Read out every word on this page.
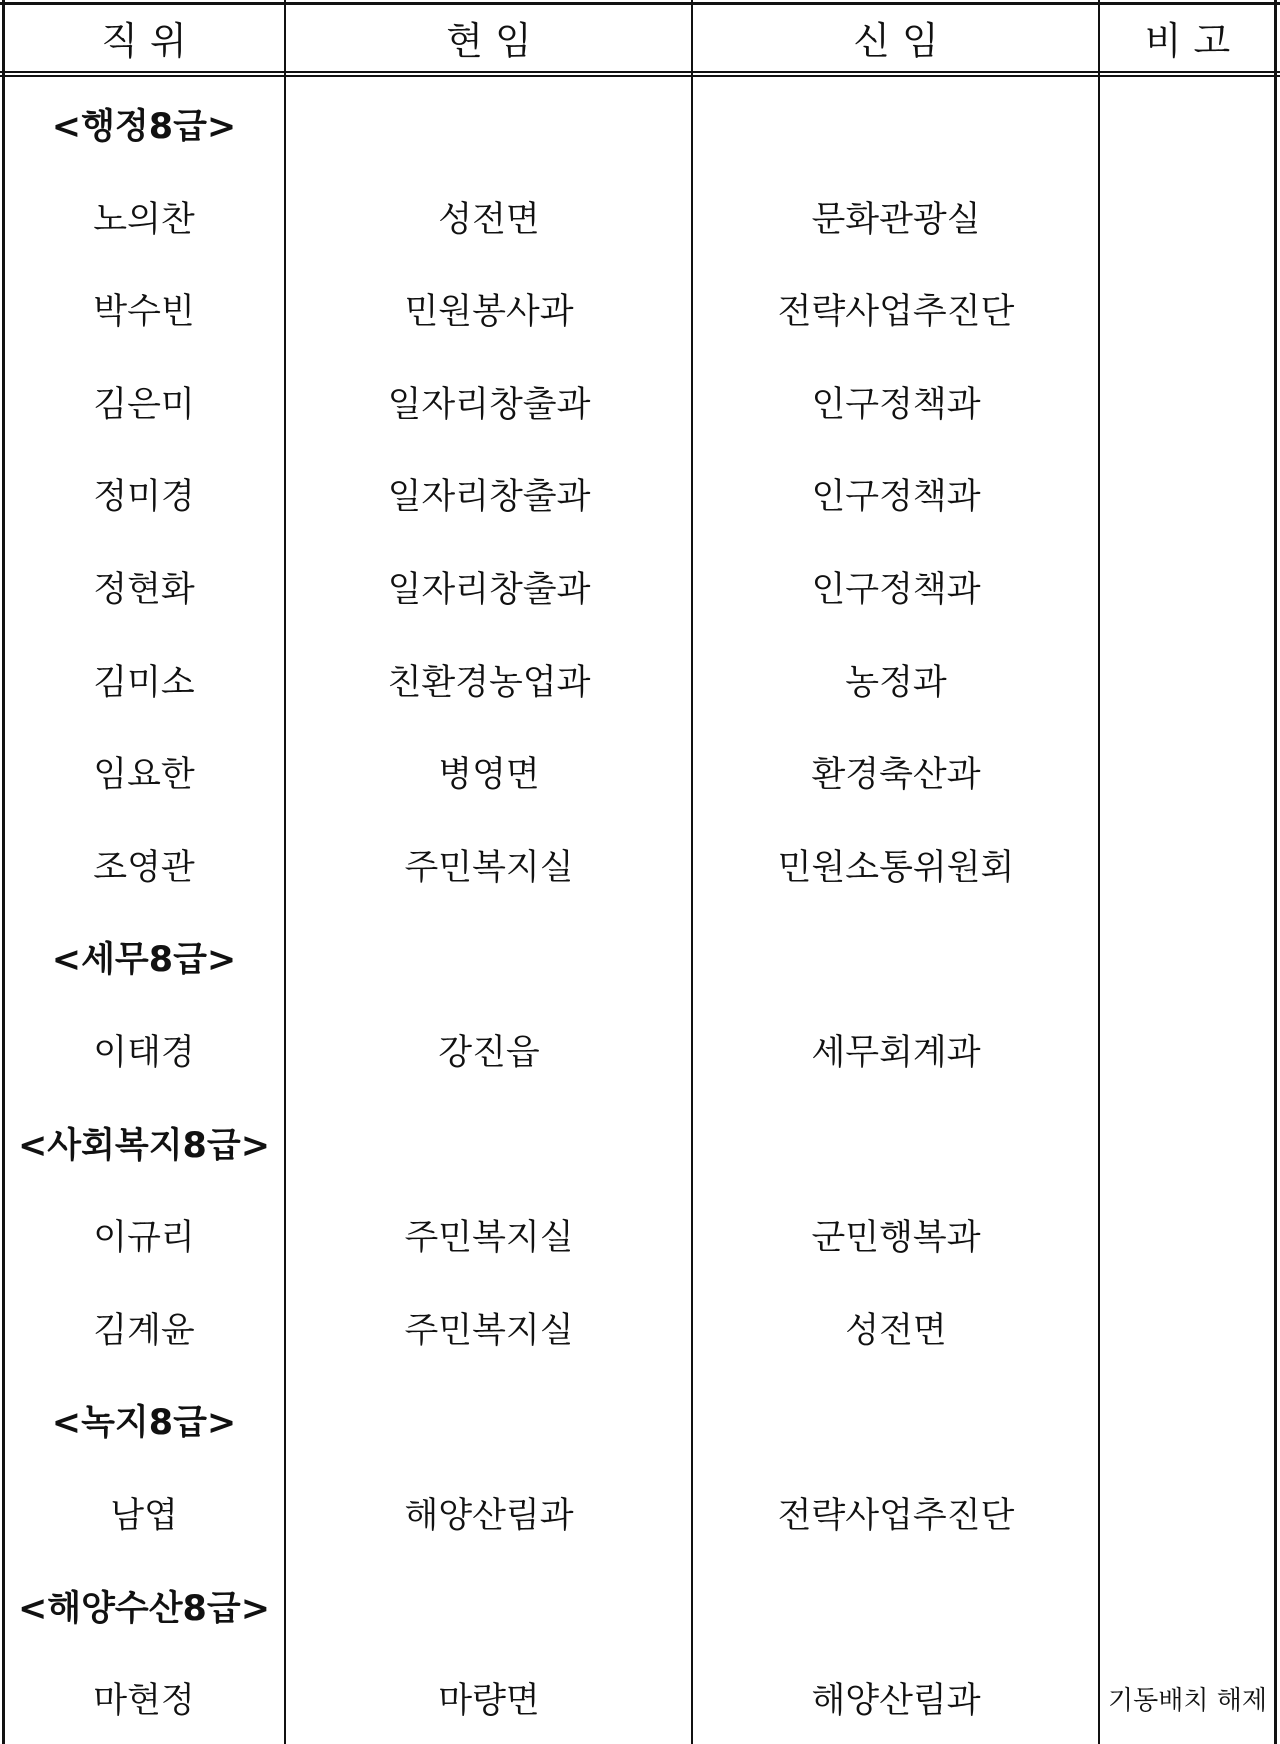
직 위	현 임	신 임	비 고
<행정8급>
노의찬	성전면	문화관광실
박수빈	민원봉사과	전략사업추진단
김은미	일자리창출과	인구정책과
정미경	일자리창출과	인구정책과
정현화	일자리창출과	인구정책과
김미소	친환경농업과	농정과
임요한	병영면	환경축산과
조영관	주민복지실	민원소통위원회
<세무8급>
이태경	강진읍	세무회계과
<사회복지8급>
이규리	주민복지실	군민행복과
김계윤	주민복지실	성전면
<녹지8급>
남엽	해양산림과	전략사업추진단
<해양수산8급>
마현정	마량면	해양산림과	기동배치 해제
